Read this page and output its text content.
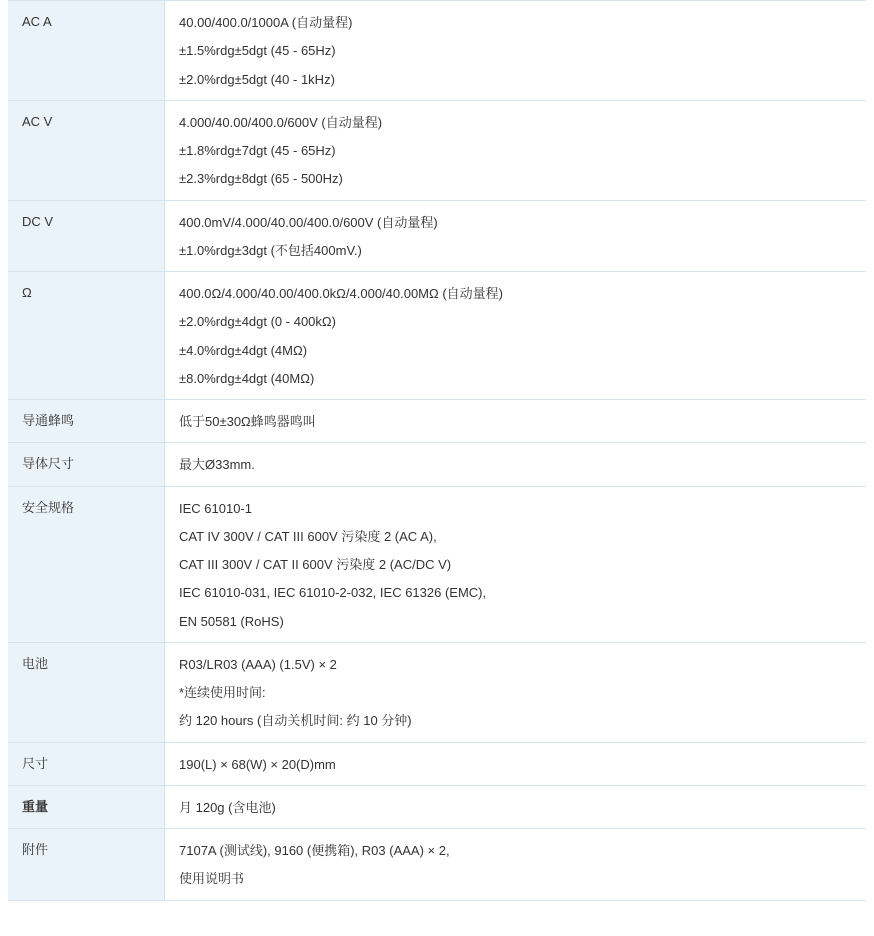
AC A	40.00/400.0/1000A (自动量程)
±1.5%rdg±5dgt (45 - 65Hz)
±2.0%rdg±5dgt (40 - 1kHz)

AC V	4.000/40.00/400.0/600V (自动量程)
±1.8%rdg±7dgt (45 - 65Hz)
±2.3%rdg±8dgt (65 - 500Hz)

DC V	400.0mV/4.000/40.00/400.0/600V (自动量程)
±1.0%rdg±3dgt (不包括400mV.)

Ω	400.0Ω/4.000/40.00/400.0kΩ/4.000/40.00MΩ (自动量程)
±2.0%rdg±4dgt (0 - 400kΩ)
±4.0%rdg±4dgt (4MΩ)
±8.0%rdg±4dgt (40MΩ)

导通蜂鸣	低于50±30Ω蜂鸣器鸣叫

导体尺寸	最大Ø33mm.

安全规格	IEC 61010-1
CAT IV 300V / CAT III 600V 污染度 2 (AC A),
CAT III 300V / CAT II 600V 污染度 2 (AC/DC V)
IEC 61010-031, IEC 61010-2-032, IEC 61326 (EMC),
EN 50581 (RoHS)

电池	R03/LR03 (AAA) (1.5V) × 2
*连续使用时间:
约 120 hours (自动关机时间: 约 10 分钟)

尺寸	190(L) × 68(W) × 20(D)mm

重量	月 120g (含电池)

附件	7107A (测试线), 9160 (便携箱), R03 (AAA) × 2,
使用说明书
